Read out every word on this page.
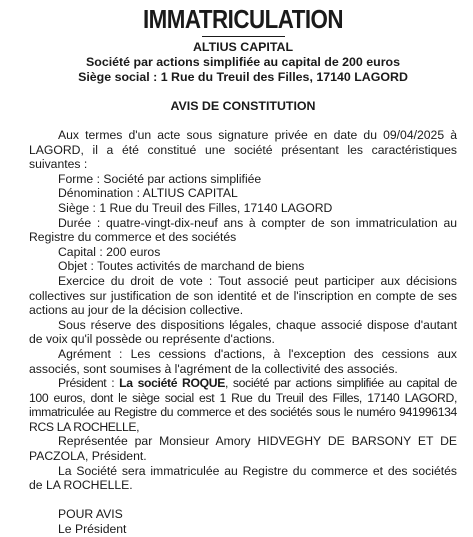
IMMATRICULATION
ALTIUS CAPITAL
Société par actions simplifiée au capital de 200 euros
Siège social : 1 Rue du Treuil des Filles, 17140 LAGORD
AVIS DE CONSTITUTION

Aux termes d'un acte sous signature privée en date du 09/04/2025 à LAGORD, il a été constitué une société présentant les caractéristiques suivantes :

Forme : Société par actions simplifiée

Dénomination : ALTIUS CAPITAL

Siège : 1 Rue du Treuil des Filles, 17140 LAGORD

Durée : quatre-vingt-dix-neuf ans à compter de son immatriculation au Registre du commerce et des sociétés

Capital : 200 euros

Objet : Toutes activités de marchand de biens

Exercice du droit de vote : Tout associé peut participer aux décisions collectives sur justification de son identité et de l'inscription en compte de ses actions au jour de la décision collective.

Sous réserve des dispositions légales, chaque associé dispose d'autant de voix qu'il possède ou représente d'actions.

Agrément : Les cessions d'actions, à l'exception des cessions aux associés, sont soumises à l'agrément de la collectivité des associés.

Président : La société ROQUE, société par actions simplifiée au capital de 100 euros, dont le siège social est 1 Rue du Treuil des Filles, 17140 LAGORD, immatriculée au Registre du commerce et des sociétés sous le numéro 941996134 RCS LA ROCHELLE,

Représentée par Monsieur Amory HIDVEGHY DE BARSONY ET DE PACZOLA, Président.

La Société sera immatriculée au Registre du commerce et des sociétés de LA ROCHELLE.

POUR AVIS
Le Président
